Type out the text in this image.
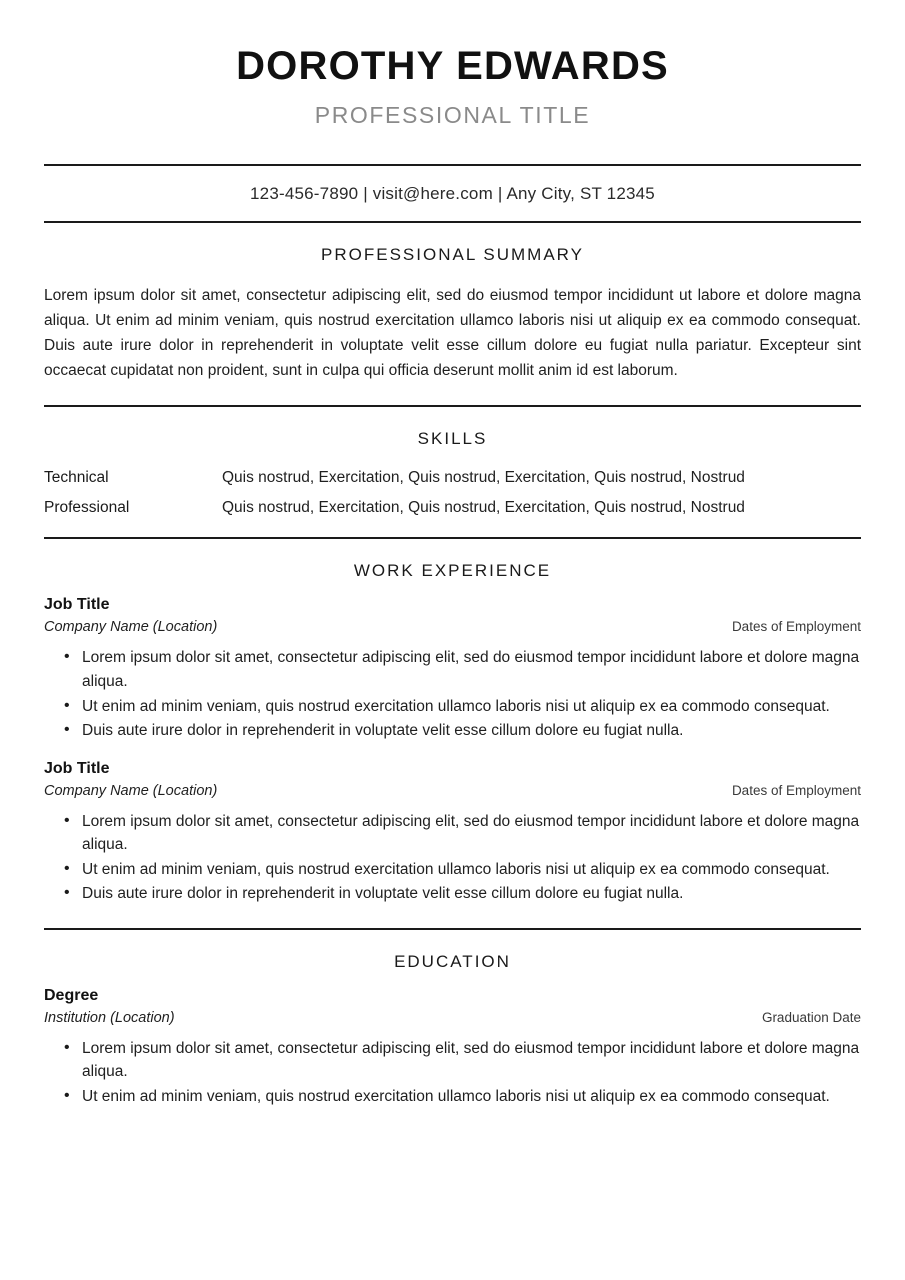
DOROTHY EDWARDS
PROFESSIONAL TITLE
123-456-7890 | visit@here.com | Any City, ST 12345
PROFESSIONAL SUMMARY

Lorem ipsum dolor sit amet, consectetur adipiscing elit, sed do eiusmod tempor incididunt ut labore et dolore magna aliqua. Ut enim ad minim veniam, quis nostrud exercitation ullamco laboris nisi ut aliquip ex ea commodo consequat. Duis aute irure dolor in reprehenderit in voluptate velit esse cillum dolore eu fugiat nulla pariatur. Excepteur sint occaecat cupidatat non proident, sunt in culpa qui officia deserunt mollit anim id est laborum.

SKILLS
Technical	Quis nostrud, Exercitation, Quis nostrud, Exercitation, Quis nostrud, Nostrud
Professional	Quis nostrud, Exercitation, Quis nostrud, Exercitation, Quis nostrud, Nostrud
WORK EXPERIENCE
Job Title
Company Name (Location)	Dates of Employment
• Lorem ipsum dolor sit amet, consectetur adipiscing elit, sed do eiusmod tempor incididunt labore et dolore magna aliqua.
• Ut enim ad minim veniam, quis nostrud exercitation ullamco laboris nisi ut aliquip ex ea commodo consequat.
• Duis aute irure dolor in reprehenderit in voluptate velit esse cillum dolore eu fugiat nulla.
Job Title
Company Name (Location)	Dates of Employment
• Lorem ipsum dolor sit amet, consectetur adipiscing elit, sed do eiusmod tempor incididunt labore et dolore magna aliqua.
• Ut enim ad minim veniam, quis nostrud exercitation ullamco laboris nisi ut aliquip ex ea commodo consequat.
• Duis aute irure dolor in reprehenderit in voluptate velit esse cillum dolore eu fugiat nulla.
EDUCATION
Degree
Institution (Location)	Graduation Date
• Lorem ipsum dolor sit amet, consectetur adipiscing elit, sed do eiusmod tempor incididunt labore et dolore magna aliqua.
• Ut enim ad minim veniam, quis nostrud exercitation ullamco laboris nisi ut aliquip ex ea commodo consequat.
